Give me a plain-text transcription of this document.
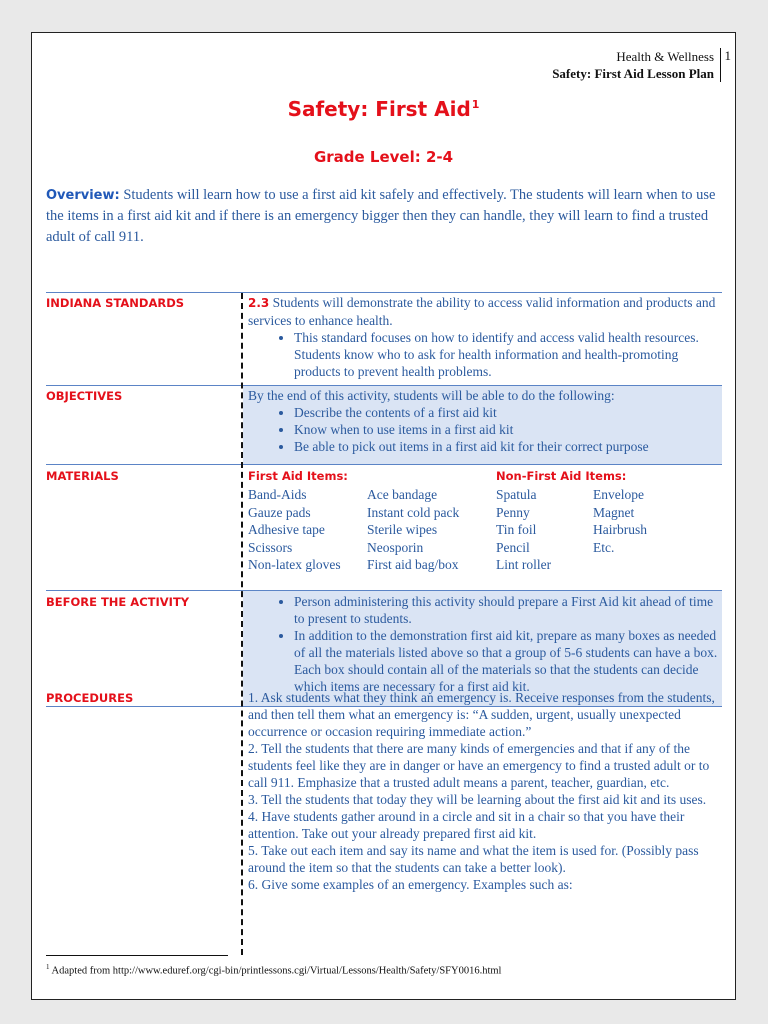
Health & Wellness
Safety: First Aid Lesson Plan
1
Safety: First Aid$^1$
Grade Level: 2-4
Overview: Students will learn how to use a first aid kit safely and effectively. The students will learn when to use the items in a first aid kit and if there is an emergency bigger then they can handle, they will learn to find a trusted adult of call 911.
INDIANA STANDARDS	2.3 Students will demonstrate the ability to access valid information and products and services to enhance health.
• This standard focuses on how to identify and access valid health resources. Students know who to ask for health information and health-promoting products to prevent health problems.
OBJECTIVES	By the end of this activity, students will be able to do the following:
• Describe the contents of a first aid kit
• Know when to use items in a first aid kit
• Be able to pick out items in a first aid kit for their correct purpose
MATERIALS	First Aid Items:	Non-First Aid Items:
Band-Aids
Gauze pads
Adhesive tape
Scissors
Non-latex gloves
Ace bandage
Instant cold pack
Sterile wipes
Neosporin
First aid bag/box
Spatula
Penny
Tin foil
Pencil
Lint roller
Envelope
Magnet
Hairbrush
Etc.
BEFORE THE ACTIVITY
•	Person administering this activity should prepare a First Aid kit ahead of time to present to students.
• In addition to the demonstration first aid kit, prepare as many boxes as needed of all the materials listed above so that a group of 5-6 students can have a box. Each box should contain all of the materials so that the students can decide which items are necessary for a first aid kit.
PROCEDURES	1. Ask students what they think an emergency is. Receive responses from the students, and then tell them what an emergency is: “A sudden, urgent, usually unexpected occurrence or occasion requiring immediate action.”
2. Tell the students that there are many kinds of emergencies and that if any of the students feel like they are in danger or have an emergency to find a trusted adult or to call 911. Emphasize that a trusted adult means a parent, teacher, guardian, etc.
3. Tell the students that today they will be learning about the first aid kit and its uses.
4. Have students gather around in a circle and sit in a chair so that you have their attention. Take out your already prepared first aid kit.
5. Take out each item and say its name and what the item is used for. (Possibly pass around the item so that the students can take a better look).
6. Give some examples of an emergency. Examples such as:
$^1$ Adapted from http://www.eduref.org/cgi-bin/printlessons.cgi/Virtual/Lessons/Health/Safety/SFY0016.html
